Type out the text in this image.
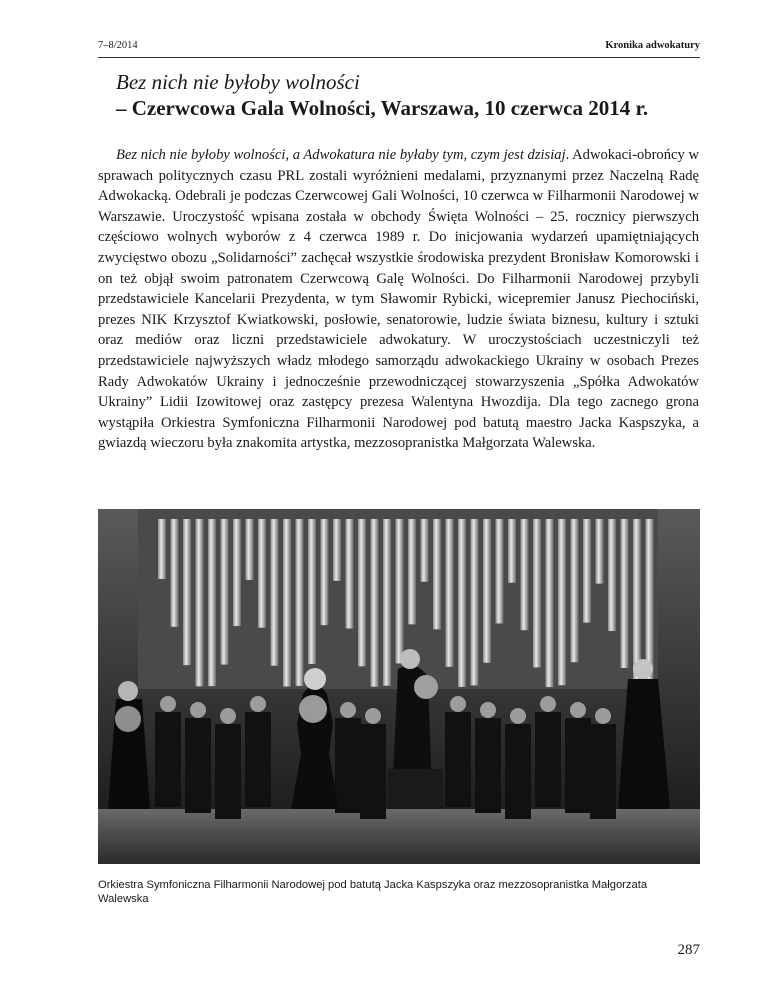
7–8/2014	Kronika adwokatury
Bez nich nie byłoby wolności
– Czerwcowa Gala Wolności, Warszawa, 10 czerwca 2014 r.
Bez nich nie byłoby wolności, a Adwokatura nie byłaby tym, czym jest dzisiaj. Adwokaci-obrońcy w sprawach politycznych czasu PRL zostali wyróżnieni medalami, przyznanymi przez Naczelną Radę Adwokacką. Odebrali je podczas Czerwcowej Gali Wolności, 10 czerwca w Filharmonii Narodowej w Warszawie. Uroczystość wpisana została w obchody Święta Wolności – 25. rocznicy pierwszych częściowo wolnych wyborów z 4 czerwca 1989 r. Do inicjowania wydarzeń upamiętniających zwycięstwo obozu „Solidarności” zachęcał wszystkie środowiska prezydent Bronisław Komorowski i on też objął swoim patronatem Czerwcową Galę Wolności. Do Filharmonii Narodowej przybyli przedstawiciele Kancelarii Prezydenta, w tym Sławomir Rybicki, wicepremier Janusz Piechociński, prezes NIK Krzysztof Kwiatkowski, posłowie, senatorowie, ludzie świata biznesu, kultury i sztuki oraz mediów oraz liczni przedstawiciele adwokatury. W uroczystościach uczestniczyli też przedstawiciele najwyższych władz młodego samorządu adwokackiego Ukrainy w osobach Prezes Rady Adwokatów Ukrainy i jednocześnie przewodniczącej stowarzyszenia „Spółka Adwokatów Ukrainy” Lidii Izowitowej oraz zastępcy prezesa Walentyna Hwozdija. Dla tego zacnego grona wystąpiła Orkiestra Symfoniczna Filharmonii Narodowej pod batutą maestro Jacka Kaspszyka, a gwiazdą wieczoru była znakomita artystka, mezzosopranistka Małgorzata Walewska.
Orkiestra Symfoniczna Filharmonii Narodowej pod batutą Jacka Kaspszyka oraz mezzosopranistka Małgorzata Walewska
287
